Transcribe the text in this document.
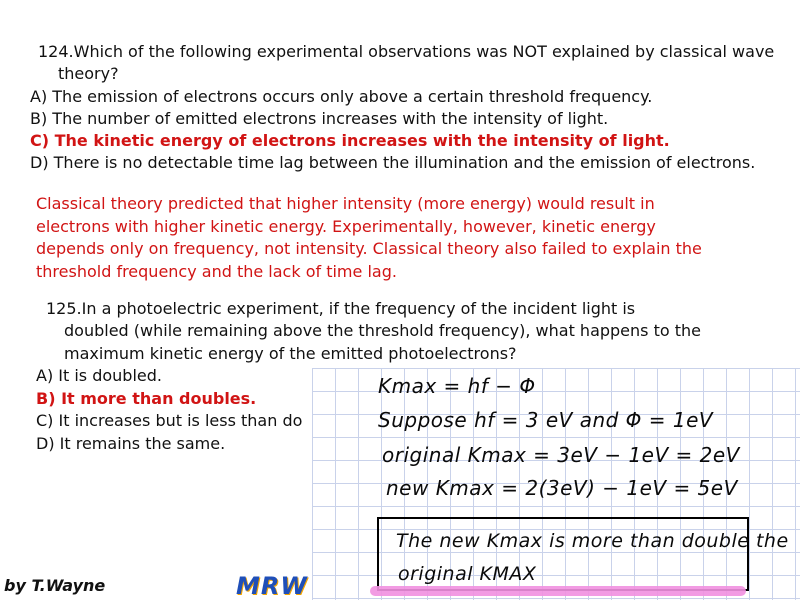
124.Which of the following experimental observations was NOT explained by classical wave
theory?
A) The emission of electrons occurs only above a certain threshold frequency.
B) The number of emitted electrons increases with the intensity of light.
C) The kinetic energy of electrons increases with the intensity of light.
D) There is no detectable time lag between the illumination and the emission of electrons.
Classical theory predicted that higher intensity (more energy) would result in
electrons with higher kinetic energy. Experimentally, however, kinetic energy
depends only on frequency, not intensity. Classical theory also failed to explain the
threshold frequency and the lack of time lag.
125.In a photoelectric experiment, if the frequency of the incident light is
doubled (while remaining above the threshold frequency), what happens to the
maximum kinetic energy of the emitted photoelectrons?
A) It is doubled.
B) It more than doubles.
C) It increases but is less than do
D) It remains the same.
Kmax = hf − Φ
Suppose hf = 3 eV and Φ = 1eV
original Kmax = 3eV − 1eV = 2eV
new Kmax = 2(3eV) − 1eV = 5eV
The new Kmax is more than double the
original KMAX
by T.Wayne	MRW
